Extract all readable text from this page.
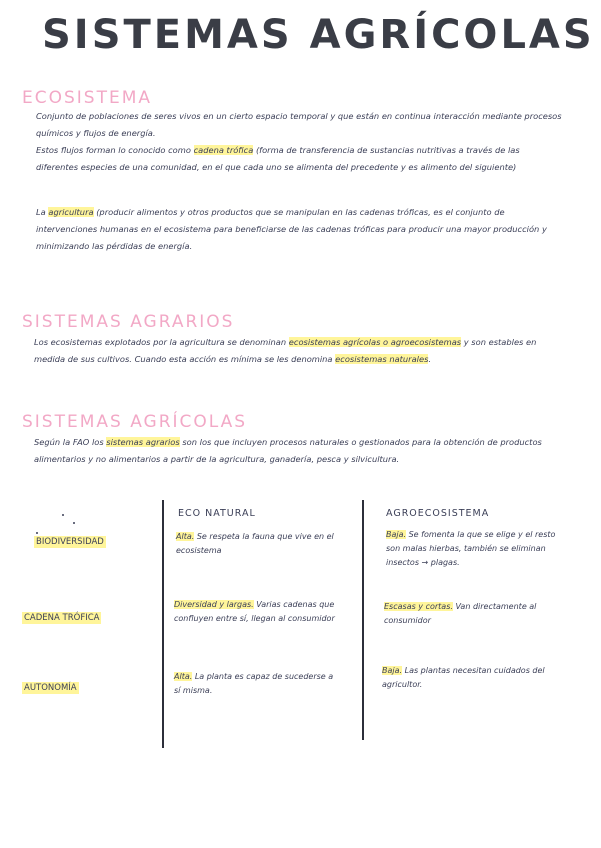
SISTEMAS AGRÍCOLAS
ECOSISTEMA
Conjunto de poblaciones de seres vivos en un cierto espacio temporal y que están en continua interacción mediante procesos químicos y flujos de energía.
Estos flujos forman lo conocido como cadena trófica (forma de transferencia de sustancias nutritivas a través de las diferentes especies de una comunidad, en el que cada uno se alimenta del precedente y es alimento del siguiente)
La agricultura (producir alimentos y otros productos que se manipulan en las cadenas tróficas, es el conjunto de intervenciones humanas en el ecosistema para beneficiarse de las cadenas tróficas para producir una mayor producción y minimizando las pérdidas de energía.
SISTEMAS AGRARIOS
Los ecosistemas explotados por la agricultura se denominan ecosistemas agrícolas o agroecosistemas y son estables en medida de sus cultivos. Cuando esta acción es mínima se les denomina ecosistemas naturales.
SISTEMAS AGRÍCOLAS
Según la FAO los sistemas agrarios son los que incluyen procesos naturales o gestionados para la obtención de productos alimentarios y no alimentarios a partir de la agricultura, ganadería, pesca y silvicultura.
ECO NATURAL	AGROECOSISTEMA
BIODIVERSIDAD
Alta. Se respeta la fauna que vive en el ecosistema
Baja. Se fomenta la que se elige y el resto son malas hierbas, también se eliminan insectos → plagas.
CADENA TRÓFICA
Diversidad y largas. Varias cadenas que confluyen entre sí, llegan al consumidor
Escasas y cortas. Van directamente al consumidor
AUTONOMÍA
Alta. La planta es capaz de sucederse a sí misma.
Baja. Las plantas necesitan cuidados del agricultor.
